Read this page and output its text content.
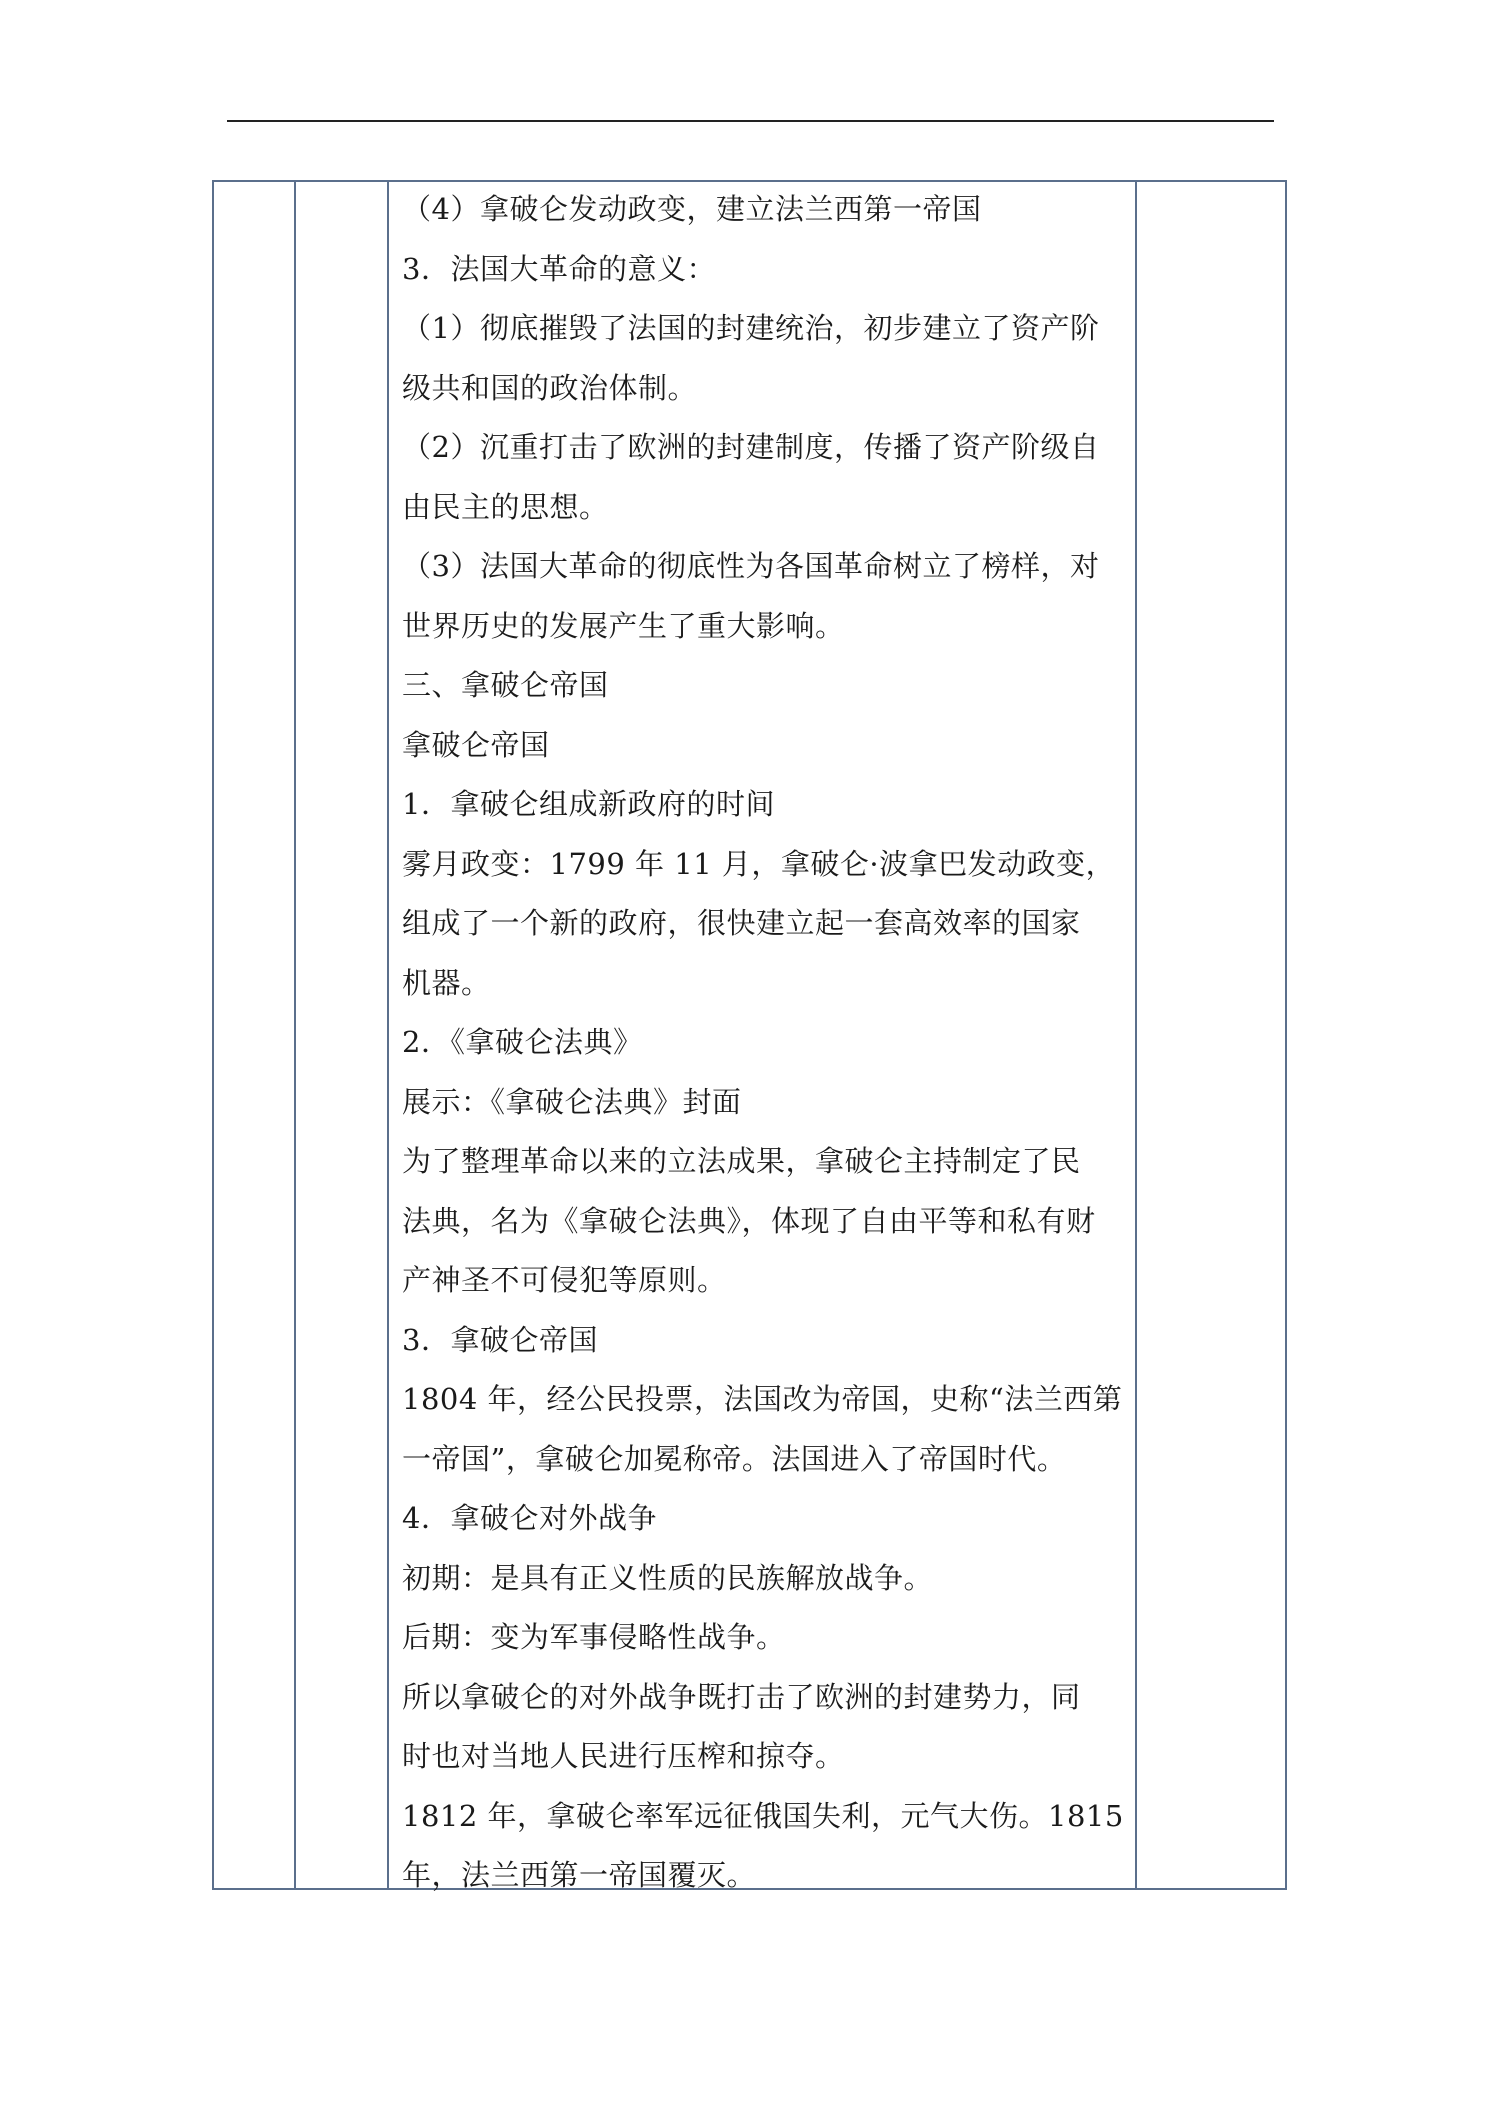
（4）拿破仑发动政变，建立法兰西第一帝国
3．法国大革命的意义：
（1）彻底摧毁了法国的封建统治，初步建立了资产阶
级共和国的政治体制。
（2）沉重打击了欧洲的封建制度，传播了资产阶级自
由民主的思想。
（3）法国大革命的彻底性为各国革命树立了榜样，对
世界历史的发展产生了重大影响。
三、拿破仑帝国
拿破仑帝国
1．拿破仑组成新政府的时间
雾月政变：1799 年 11 月，拿破仑·波拿巴发动政变，
组成了一个新的政府，很快建立起一套高效率的国家
机器。
2．《拿破仑法典》
展示：《拿破仑法典》封面
为了整理革命以来的立法成果，拿破仑主持制定了民
法典，名为《拿破仑法典》，体现了自由平等和私有财
产神圣不可侵犯等原则。
3．拿破仑帝国
1804 年，经公民投票，法国改为帝国，史称“法兰西第
一帝国”，拿破仑加冕称帝。法国进入了帝国时代。
4．拿破仑对外战争
初期：是具有正义性质的民族解放战争。
后期：变为军事侵略性战争。
所以拿破仑的对外战争既打击了欧洲的封建势力，同
时也对当地人民进行压榨和掠夺。
1812 年，拿破仑率军远征俄国失利，元气大伤。1815
年，法兰西第一帝国覆灭。
